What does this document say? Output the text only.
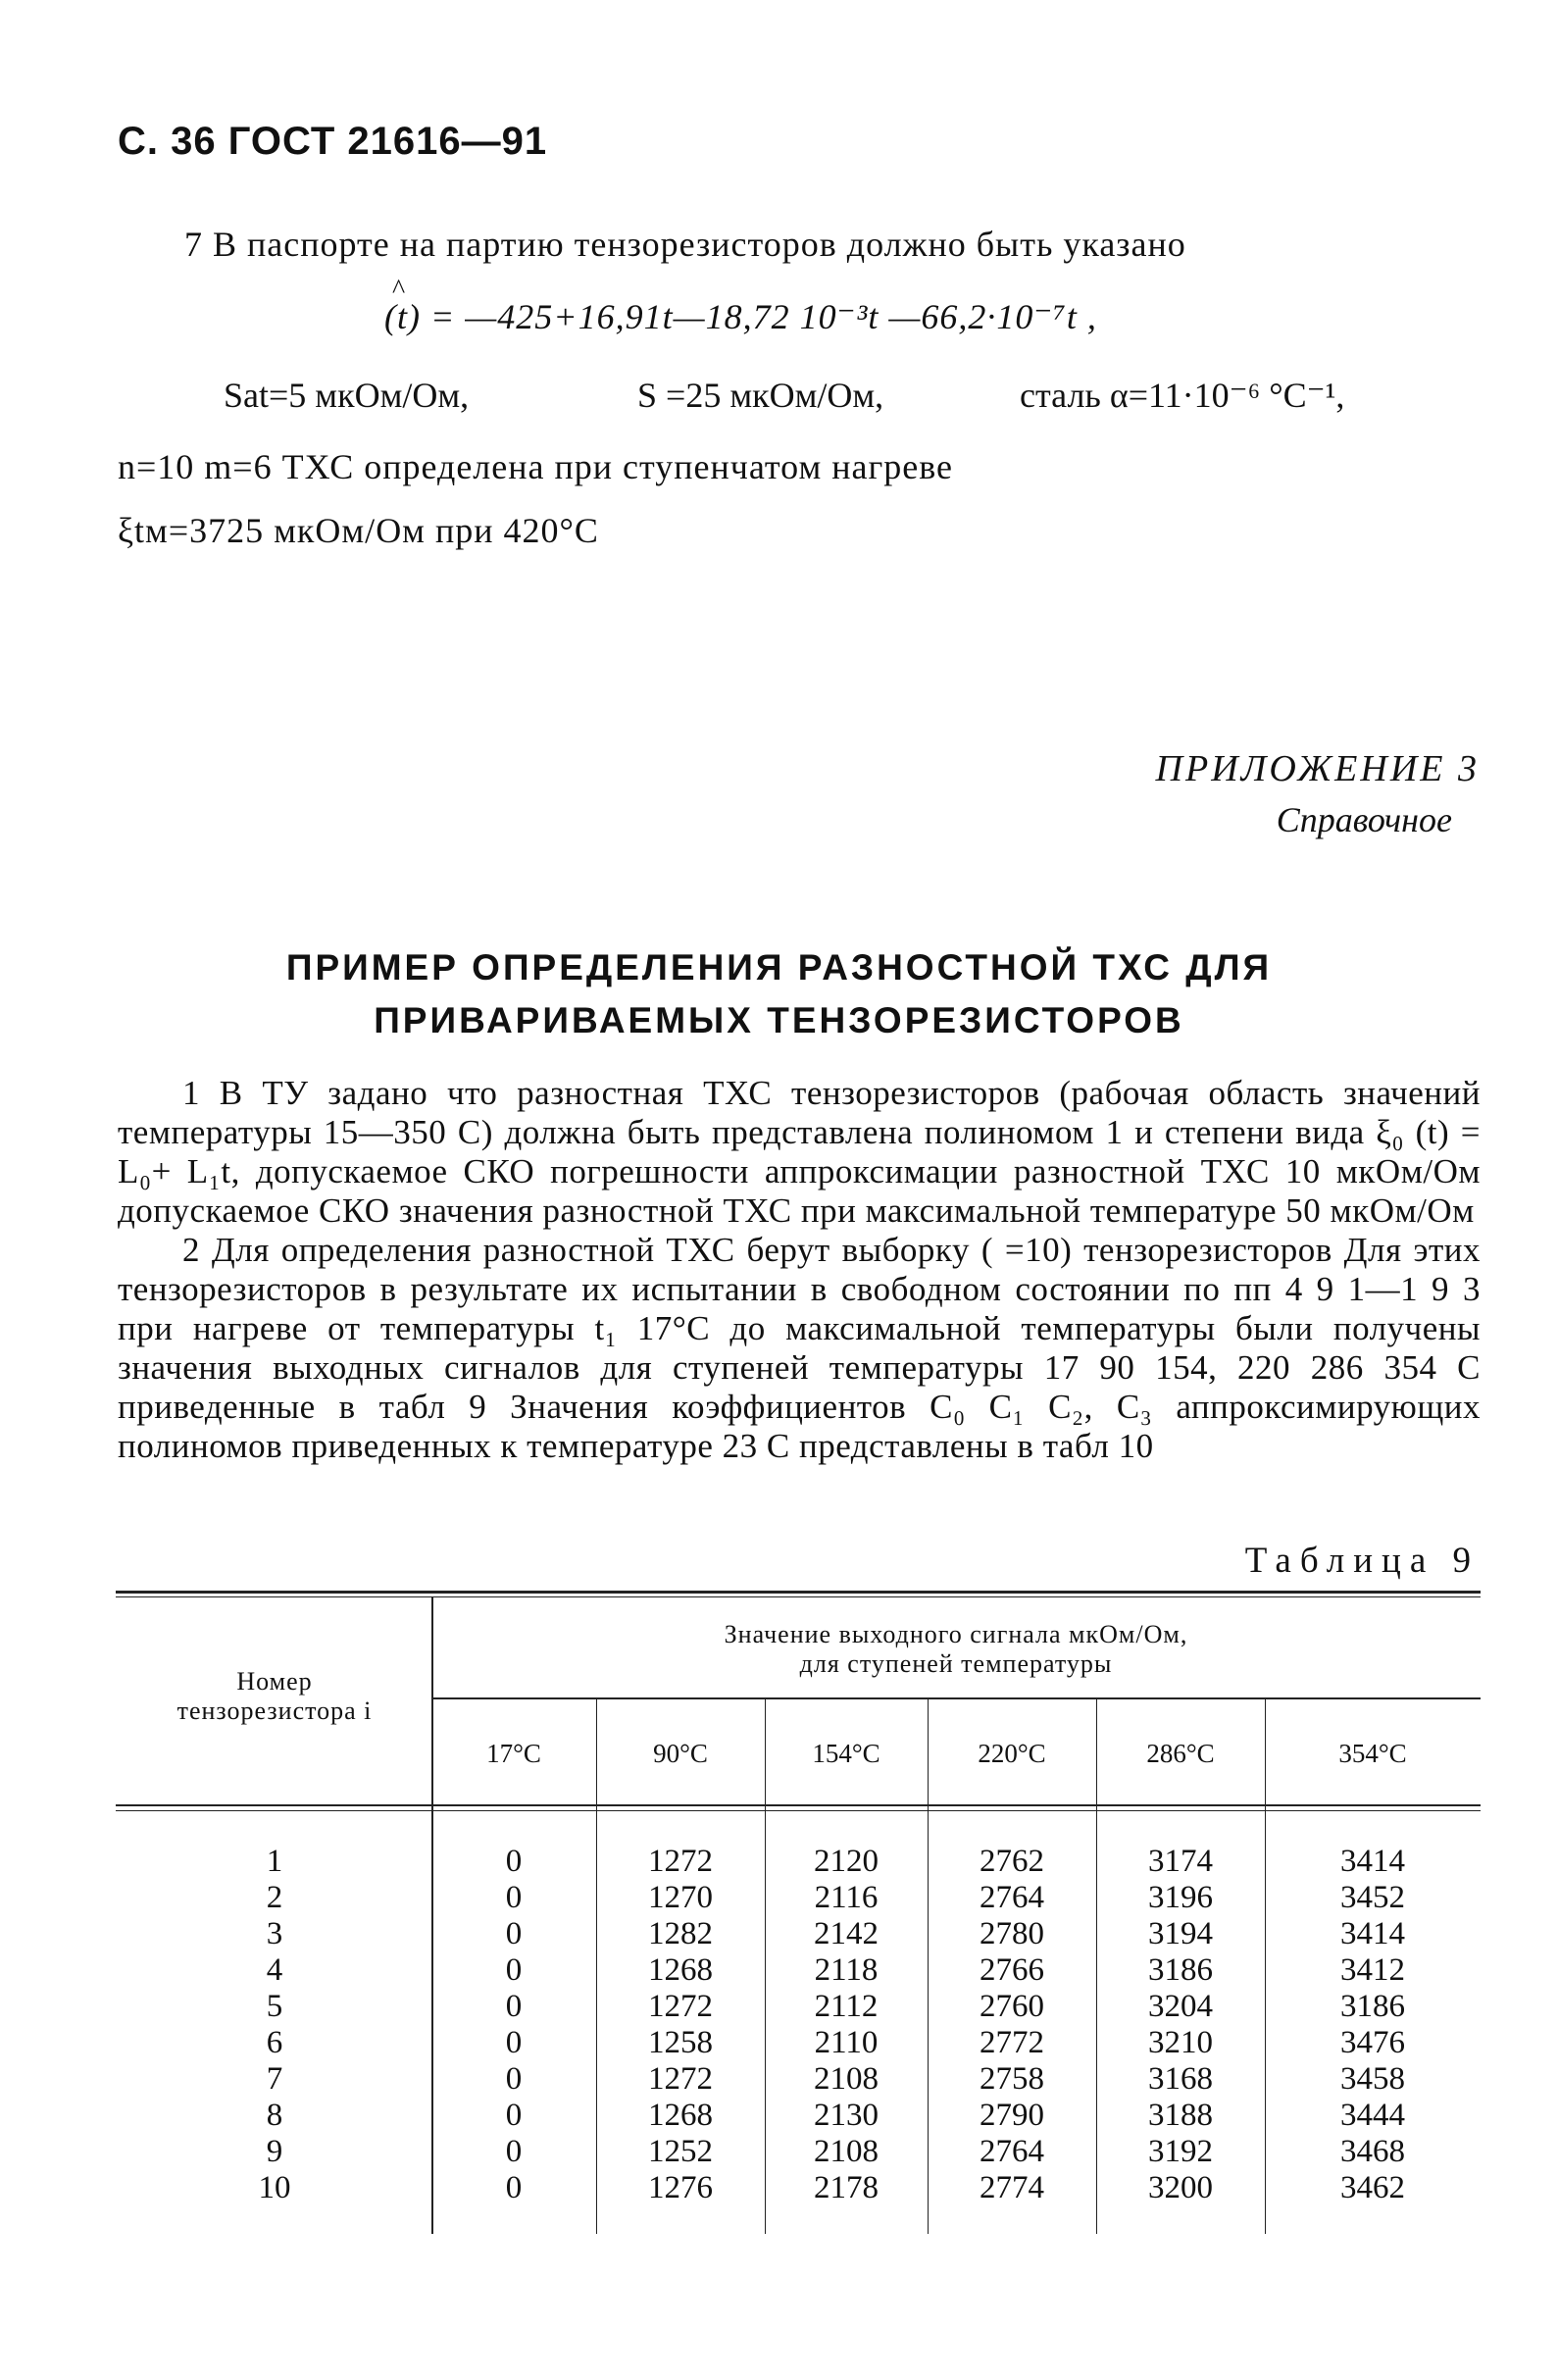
С. 36 ГОСТ 21616—91
7 В паспорте на партию тензорезисторов должно быть указано
^
(t) = —425+16,91t—18,72 10⁻³t —66,2·10⁻⁷t ,
Sat=5 мкОм/Ом,	S =25 мкОм/Ом,	сталь α=11·10⁻⁶ °С⁻¹,
n=10 m=6 ТХС определена при ступенчатом нагреве
ξtм=3725 мкОм/Ом при 420°С
ПРИЛОЖЕНИЕ 3
Справочное
ПРИМЕР ОПРЕДЕЛЕНИЯ РАЗНОСТНОЙ ТХС ДЛЯ
ПРИВАРИВАЕМЫХ ТЕНЗОРЕЗИСТОРОВ

1 В ТУ задано что разностная ТХС тензорезисторов (рабочая область значений температуры 15—350 С) должна быть представлена полиномом 1 и степени вида ξ₀ (t) = L₀+ L₁t, допускаемое СКО погрешности аппроксимации разностной ТХС 10 мкОм/Ом допускаемое СКО значения разностной ТХС при максимальной температуре 50 мкОм/Ом

2 Для определения разностной ТХС берут выборку ( =10) тензорезисторов Для этих тензорезисторов в результате их испытании в свободном состоянии по пп 4 9 1—1 9 3 при нагреве от температуры t₁ 17°С до максимальной температуры были получены значения выходных сигналов для ступеней температуры 17 90 154, 220 286 354 С приведенные в табл 9 Значения коэффициентов C₀ C₁ C₂, C₃ аппроксимирующих полиномов приведенных к температуре 23 С представлены в табл 10

Таблица 9
Номер тензорезистора i
Значение выходного сигнала мкОм/Ом,
для ступеней температуры
17°С	90°С	154°С	220°С	286°С	354°С
1	0	1272	2120	2762	3174	3414
2	0	1270	2116	2764	3196	3452
3	0	1282	2142	2780	3194	3414
4	0	1268	2118	2766	3186	3412
5	0	1272	2112	2760	3204	3186
6	0	1258	2110	2772	3210	3476
7	0	1272	2108	2758	3168	3458
8	0	1268	2130	2790	3188	3444
9	0	1252	2108	2764	3192	3468
10	0	1276	2178	2774	3200	3462
